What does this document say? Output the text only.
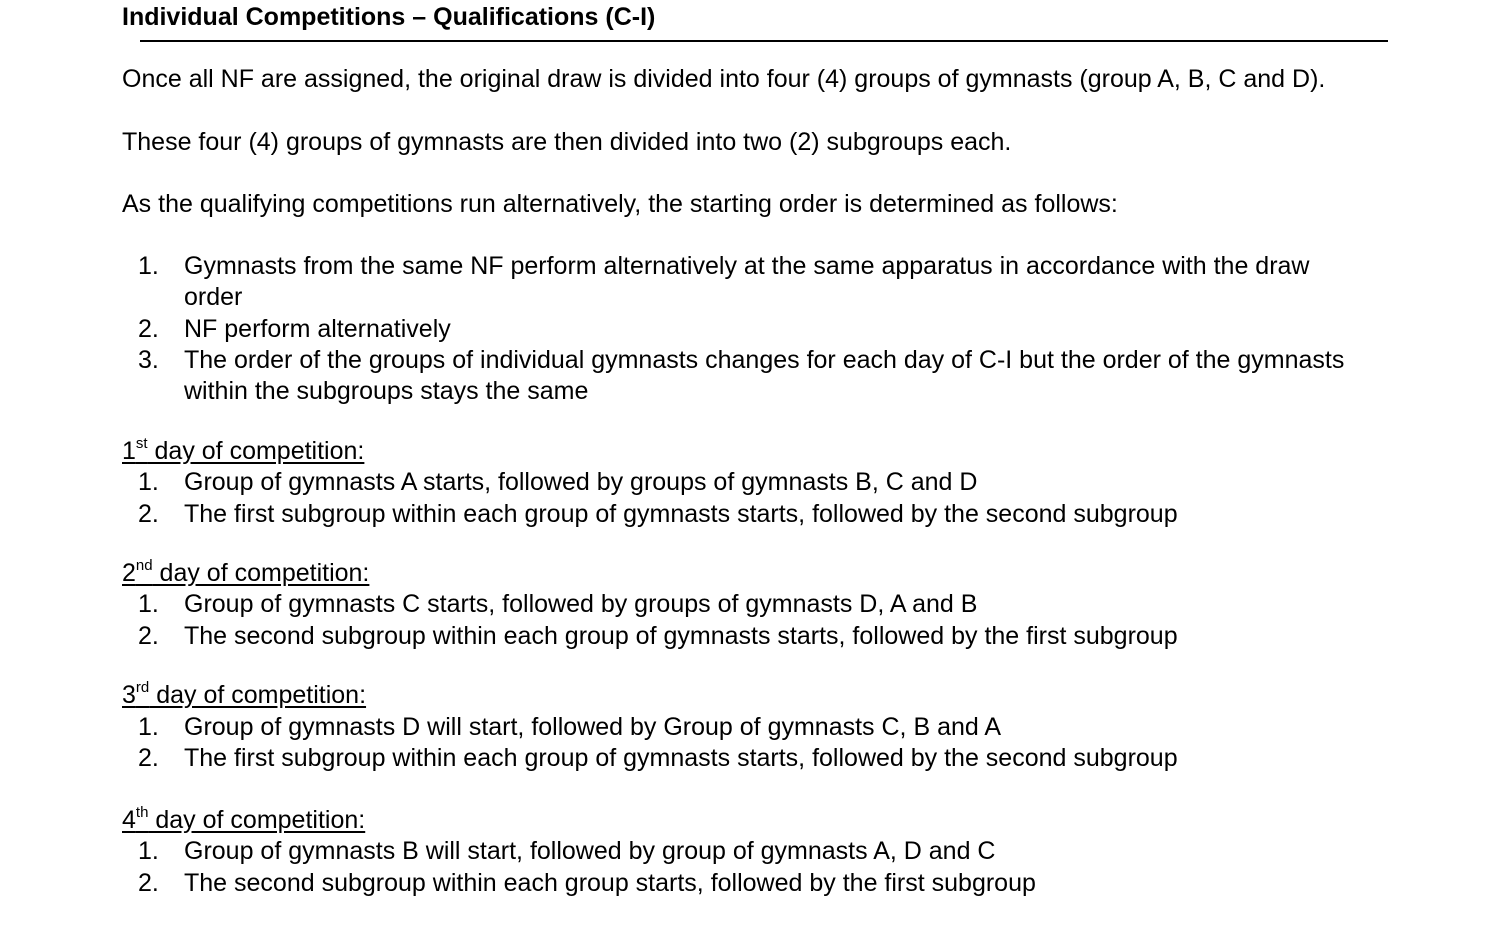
Individual Competitions – Qualifications (C-I)

Once all NF are assigned, the original draw is divided into four (4) groups of gymnasts (group A, B, C and D).

These four (4) groups of gymnasts are then divided into two (2) subgroups each.

As the qualifying competitions run alternatively, the starting order is determined as follows:

1.	Gymnasts from the same NF perform alternatively at the same apparatus in accordance with the draw order
2.	NF perform alternatively
3.	The order of the groups of individual gymnasts changes for each day of C-I but the order of the gymnasts within the subgroups stays the same
1st day of competition:
1.	Group of gymnasts A starts, followed by groups of gymnasts B, C and D
2.	The first subgroup within each group of gymnasts starts, followed by the second subgroup
2nd day of competition:
1.	Group of gymnasts C starts, followed by groups of gymnasts D, A and B
2.	The second subgroup within each group of gymnasts starts, followed by the first subgroup
3rd day of competition:
1.	Group of gymnasts D will start, followed by Group of gymnasts C, B and A
2.	The first subgroup within each group of gymnasts starts, followed by the second subgroup
4th day of competition:
1.	Group of gymnasts B will start, followed by group of gymnasts A, D and C
2.	The second subgroup within each group starts, followed by the first subgroup
